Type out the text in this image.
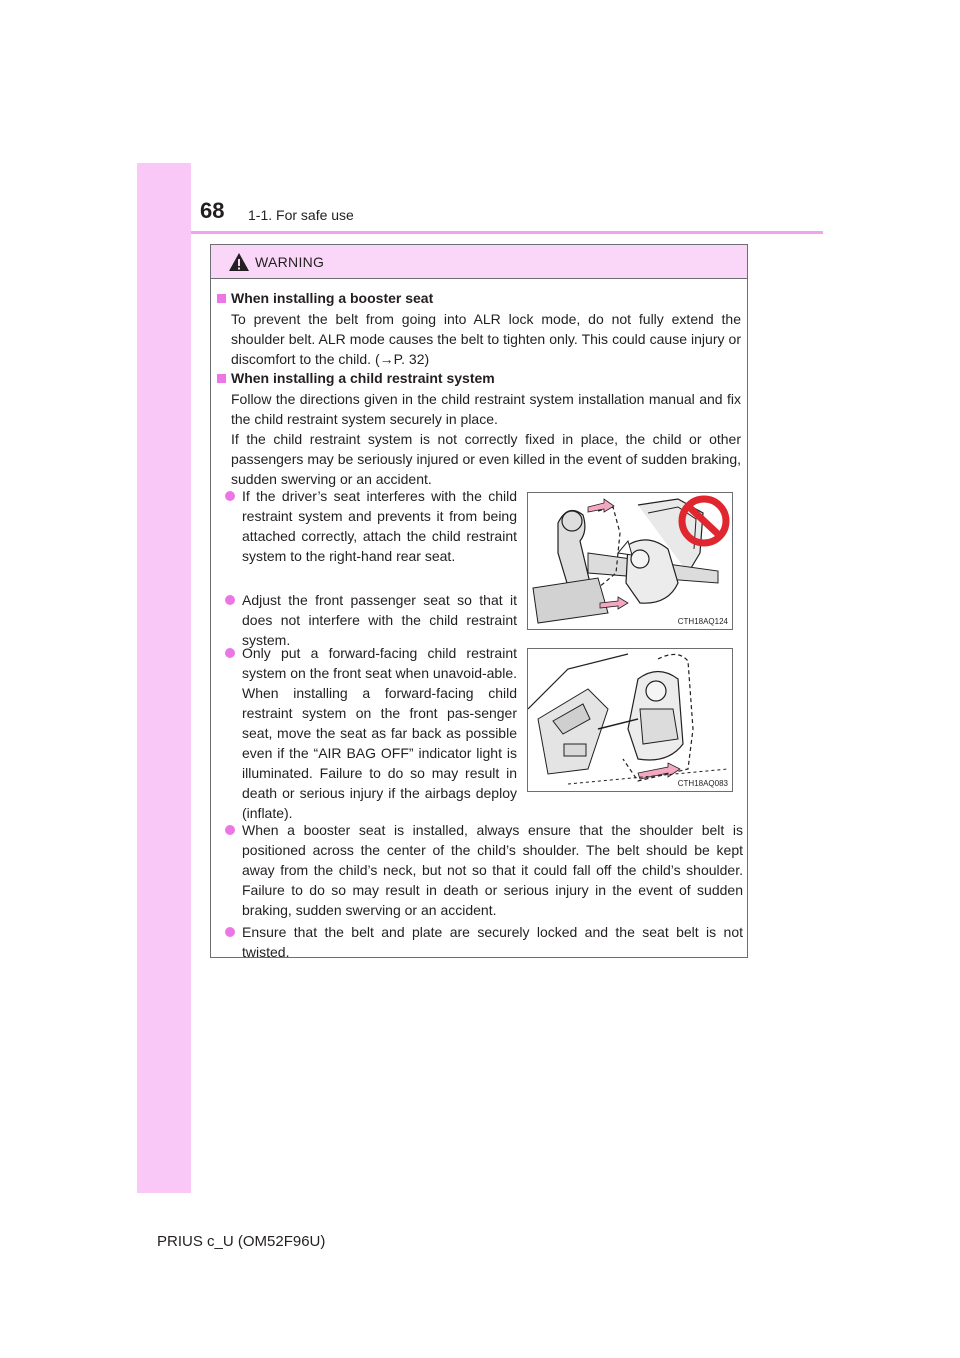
68 1-1. For safe use
WARNING
When installing a booster seat
To prevent the belt from going into ALR lock mode, do not fully extend the shoulder belt. ALR mode causes the belt to tighten only. This could cause injury or discomfort to the child. (→P. 32)
When installing a child restraint system
Follow the directions given in the child restraint system installation manual and fix the child restraint system securely in place.
If the child restraint system is not correctly fixed in place, the child or other passengers may be seriously injured or even killed in the event of sudden braking, sudden swerving or an accident.
If the driver’s seat interferes with the child restraint system and prevents it from being attached correctly, attach the child restraint system to the right-hand rear seat.
Adjust the front passenger seat so that it does not interfere with the child restraint system.
Only put a forward-facing child restraint system on the front seat when unavoid-able. When installing a forward-facing child restraint system on the front pas-senger seat, move the seat as far back as possible even if the “AIR BAG OFF” indicator light is illuminated. Failure to do so may result in death or serious injury if the airbags deploy (inflate).
When a booster seat is installed, always ensure that the shoulder belt is positioned across the center of the child’s shoulder. The belt should be kept away from the child’s neck, but not so that it could fall off the child’s shoulder. Failure to do so may result in death or serious injury in the event of sudden braking, sudden swerving or an accident.
Ensure that the belt and plate are securely locked and the seat belt is not twisted.
CTH18AQ124
CTH18AQ083
PRIUS c_U (OM52F96U)
